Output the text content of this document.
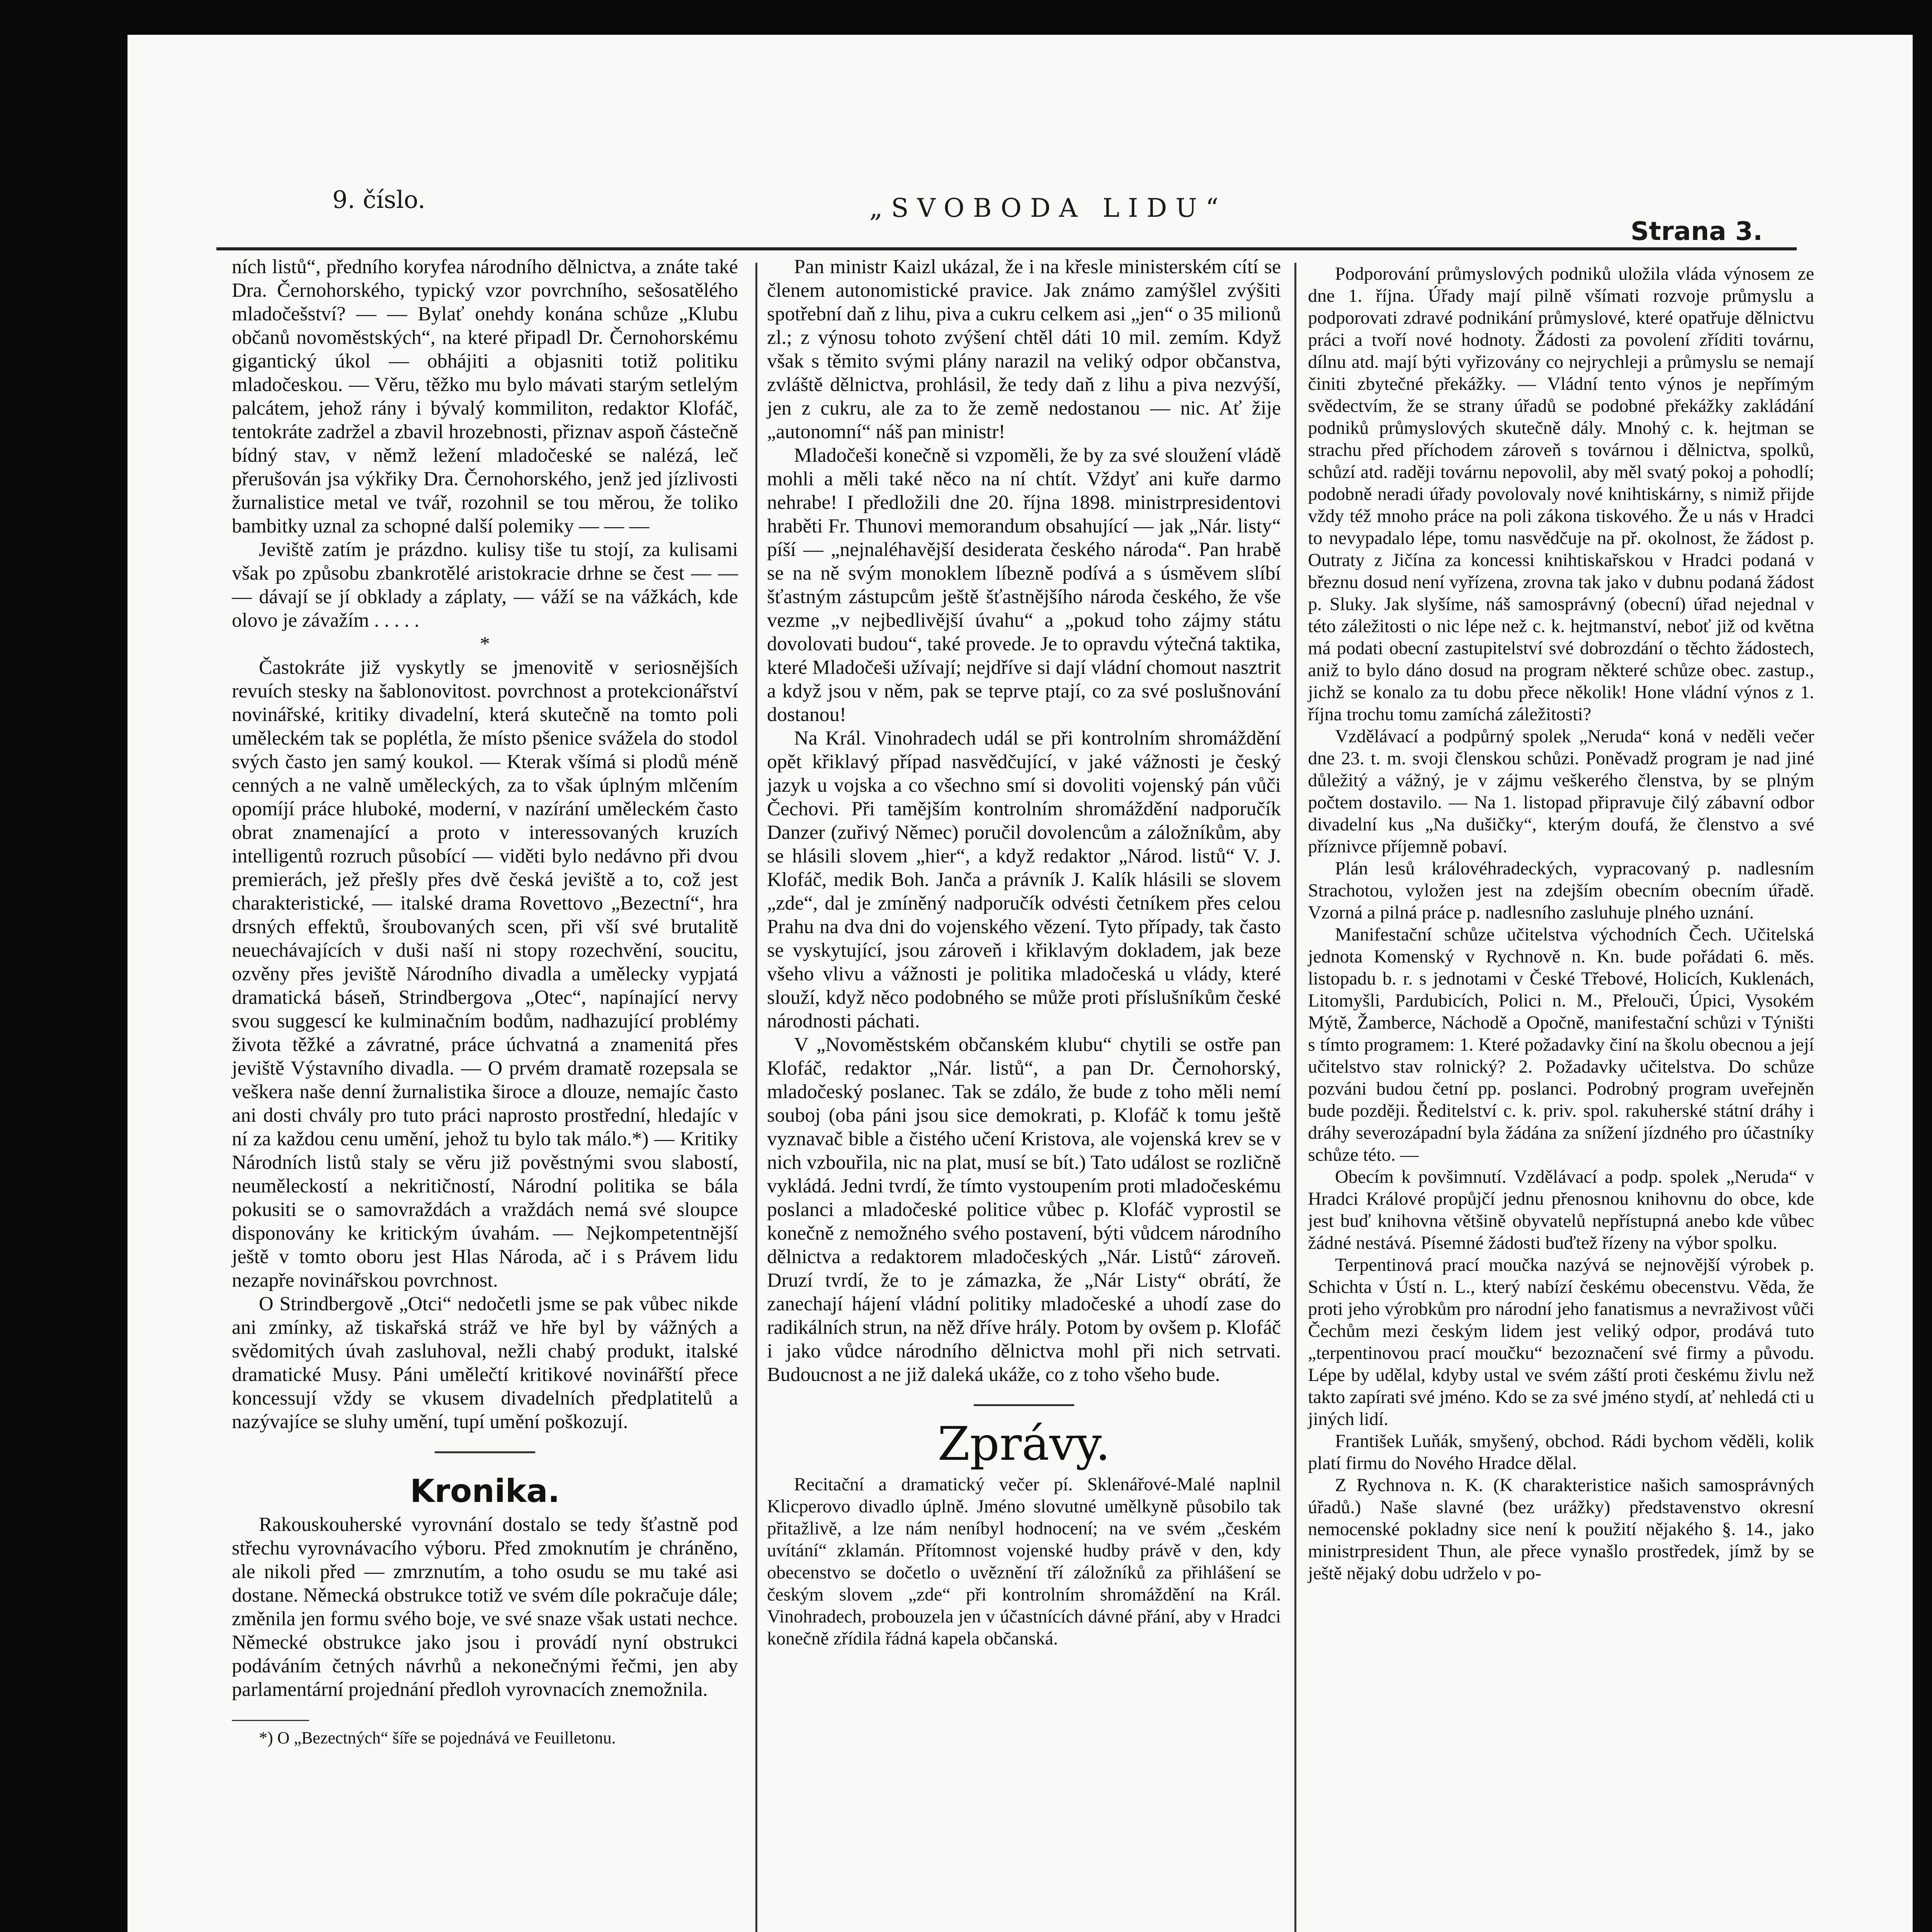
9. číslo.	„SVOBODA LIDU“
Strana 3.

ních listů“, předního koryfea národního dělnictva, a znáte také Dra. Černohorského, typický vzor povrchního, sešosatělého mladočešství? — — Bylať onehdy konána schůze „Klubu občanů novoměstských“, na které připadl Dr. Černohorskému gigantický úkol — obhájiti a objasniti totiž politiku mladočeskou. — Věru, těžko mu bylo mávati starým setlelým palcátem, jehož rány i bývalý kommiliton, redaktor Klofáč, tentokráte zadržel a zbavil hrozebnosti, přiznav aspoň částečně bídný stav, v němž ležení mladočeské se nalézá, leč přerušován jsa výkřiky Dra. Černohorského, jenž jed jízlivosti žurnalistice metal ve tvář, rozohnil se tou měrou, že toliko bambitky uznal za schopné další polemiky — — —

Jeviště zatím je prázdno. kulisy tiše tu stojí, za kulisami však po způsobu zbankrotělé aristokracie drhne se čest — — — dávají se jí obklady a záplaty, — váží se na vážkách, kde olovo je závažím . . . . .

*

Častokráte již vyskytly se jmenovitě v seriosnějších revuích stesky na šablonovitost. povrchnost a protekcionářství novinářské, kritiky divadelní, která skutečně na tomto poli uměleckém tak se poplétla, že místo pšenice svážela do stodol svých často jen samý koukol. — Kterak všímá si plodů méně cenných a ne valně uměleckých, za to však úplným mlčením opomíjí práce hluboké, moderní, v nazírání uměleckém často obrat znamenající a proto v interessovaných kruzích intelligentů rozruch působící — viděti bylo nedávno při dvou premierách, jež přešly přes dvě česká jeviště a to, což jest charakteristické, — italské drama Rovettovo „Bezectní“, hra drsných effektů, šroubovaných scen, při vší své brutalitě neuechávajících v duši naší ni stopy rozechvění, soucitu, ozvěny přes jeviště Národního divadla a umělecky vypjatá dramatická báseň, Strindbergova „Otec“, napínající nervy svou suggescí ke kulminačním bodům, nadhazující problémy života těžké a závratné, práce úchvatná a znamenitá přes jeviště Výstavního divadla. — O prvém dramatě rozepsala se veškera naše denní žurnalistika široce a dlouze, nemajíc často ani dosti chvály pro tuto práci naprosto prostřední, hledajíc v ní za každou cenu umění, jehož tu bylo tak málo.*) — Kritiky Národních listů staly se věru již pověstnými svou slabostí, neuměleckostí a nekritičností, Národní politika se bála pokusiti se o samovraždách a vraždách nemá své sloupce disponovány ke kritickým úvahám. — Nejkompetentnější ještě v tomto oboru jest Hlas Národa, ač i s Právem lidu nezapře novinářskou povrchnost.

O Strindbergově „Otci“ nedočetli jsme se pak vůbec nikde ani zmínky, až tiskařská stráž ve hře byl by vážných a svědomitých úvah zasluhoval, nežli chabý produkt, italské dramatické Musy. Páni umělečtí kritikové novinářští přece koncessují vždy se vkusem divadelních předplatitelů a nazývajíce se sluhy umění, tupí umění poškozují.

Kronika.

Rakouskouherské vyrovnání dostalo se tedy šťastně pod střechu vyrovnávacího výboru. Před zmoknutím je chráněno, ale nikoli před — zmrznutím, a toho osudu se mu také asi dostane. Německá obstrukce totiž ve svém díle pokračuje dále; změnila jen formu svého boje, ve své snaze však ustati nechce. Německé obstrukce jako jsou i provádí nyní obstrukci podáváním četných návrhů a nekonečnými řečmi, jen aby parlamentární projednání předloh vyrovnacích znemožnila.

*) O „Bezectných“ šíře se pojednává ve Feuilletonu.

Pan ministr Kaizl ukázal, že i na křesle ministerském cítí se členem autonomistické pravice. Jak známo zamýšlel zvýšiti spotřební daň z lihu, piva a cukru celkem asi „jen“ o 35 milionů zl.; z výnosu tohoto zvýšení chtěl dáti 10 mil. zemím. Když však s těmito svými plány narazil na veliký odpor občanstva, zvláště dělnictva, prohlásil, že tedy daň z lihu a piva nezvýší, jen z cukru, ale za to že země nedostanou — nic. Ať žije „autonomní“ náš pan ministr!

Mladočeši konečně si vzpoměli, že by za své sloužení vládě mohli a měli také něco na ní chtít. Vždyť ani kuře darmo nehrabe! I předložili dne 20. října 1898. ministrpresidentovi hraběti Fr. Thunovi memorandum obsahující — jak „Nár. listy“ píší — „nejnaléhavější desiderata českého národa“. Pan hrabě se na ně svým monoklem líbezně podívá a s úsměvem slíbí šťastným zástupcům ještě šťastnějšího národa českého, že vše vezme „v nejbedlivější úvahu“ a „pokud toho zájmy státu dovolovati budou“, také provede. Je to opravdu výtečná taktika, které Mladočeši užívají; nejdříve si dají vládní chomout nasztrit a když jsou v něm, pak se teprve ptají, co za své poslušnování dostanou!

Na Král. Vinohradech udál se při kontrolním shromáždění opět křiklavý případ nasvědčující, v jaké vážnosti je český jazyk u vojska a co všechno smí si dovoliti vojenský pán vůči Čechovi. Při tamějším kontrolním shromáždění nadporučík Danzer (zuřivý Němec) poručil dovolencům a záložníkům, aby se hlásili slovem „hier“, a když redaktor „Národ. listů“ V. J. Klofáč, medik Boh. Janča a právník J. Kalík hlásili se slovem „zde“, dal je zmíněný nadporučík odvésti četníkem přes celou Prahu na dva dni do vojenského vězení. Tyto případy, tak často se vyskytující, jsou zároveň i křiklavým dokladem, jak beze všeho vlivu a vážnosti je politika mladočeská u vlády, které slouží, když něco podobného se může proti příslušníkům české národnosti páchati.

V „Novoměstském občanském klubu“ chytili se ostře pan Klofáč, redaktor „Nár. listů“, a pan Dr. Černohorský, mladočeský poslanec. Tak se zdálo, že bude z toho měli nemí souboj (oba páni jsou sice demokrati, p. Klofáč k tomu ještě vyznavač bible a čistého učení Kristova, ale vojenská krev se v nich vzbouřila, nic na plat, musí se bít.) Tato událost se rozličně vykládá. Jedni tvrdí, že tímto vystoupením proti mladočeskému poslanci a mladočeské politice vůbec p. Klofáč vyprostil se konečně z nemožného svého postavení, býti vůdcem národního dělnictva a redaktorem mladočeských „Nár. Listů“ zároveň. Druzí tvrdí, že to je zámazka, že „Nár Listy“ obrátí, že zanechají hájení vládní politiky mladočeské a uhodí zase do radikálních strun, na něž dříve hrály. Potom by ovšem p. Klofáč i jako vůdce národního dělnictva mohl při nich setrvati. Budoucnost a ne již daleká ukáže, co z toho všeho bude.

Zprávy.

Recitační a dramatický večer pí. Sklenářové-Malé naplnil Klicperovo divadlo úplně. Jméno slovutné umělkyně působilo tak přitažlivě, a lze nám neníbyl hodnocení; na ve svém „českém uvítání“ zklamán. Přítomnost vojenské hudby právě v den, kdy obecenstvo se dočetlo o uvěznění tří záložníků za přihlášení se českým slovem „zde“ při kontrolním shromáždění na Král. Vinohradech, probouzela jen v účastnících dávné přání, aby v Hradci konečně zřídila řádná kapela občanská.

Podporování průmyslových podniků uložila vláda výnosem ze dne 1. října. Úřady mají pilně všímati rozvoje průmyslu a podporovati zdravé podnikání průmyslové, které opatřuje dělnictvu práci a tvoří nové hodnoty. Žádosti za povolení zříditi továrnu, dílnu atd. mají býti vyřizovány co nejrychleji a průmyslu se nemají činiti zbytečné překážky. — Vládní tento výnos je nepřímým svědectvím, že se strany úřadů se podobné překážky zakládání podniků průmyslových skutečně dály. Mnohý c. k. hejtman se strachu před příchodem zároveň s továrnou i dělnictva, spolků, schůzí atd. raději továrnu nepovolil, aby měl svatý pokoj a pohodlí; podobně neradi úřady povolovaly nové knihtiskárny, s nimiž přijde vždy též mnoho práce na poli zákona tiskového. Že u nás v Hradci to nevypadalo lépe, tomu nasvědčuje na př. okolnost, že žádost p. Outraty z Jičína za koncessi knihtiskařskou v Hradci podaná v březnu dosud není vyřízena, zrovna tak jako v dubnu podaná žádost p. Sluky. Jak slyšíme, náš samosprávný (obecní) úřad nejednal v této záležitosti o nic lépe než c. k. hejtmanství, neboť již od května má podati obecní zastupitelství své dobrozdání o těchto žádostech, aniž to bylo dáno dosud na program některé schůze obec. zastup., jichž se konalo za tu dobu přece několik! Hone vládní výnos z 1. října trochu tomu zamíchá záležitosti?

Vzdělávací a podpůrný spolek „Neruda“ koná v neděli večer dne 23. t. m. svoji členskou schůzi. Poněvadž program je nad jiné důležitý a vážný, je v zájmu veškerého členstva, by se plným počtem dostavilo. — Na 1. listopad připravuje čilý zábavní odbor divadelní kus „Na dušičky“, kterým doufá, že členstvo a své příznivce příjemně pobaví.

Plán lesů královéhradeckých, vypracovaný p. nadlesním Strachotou, vyložen jest na zdejším obecním obecním úřadě. Vzorná a pilná práce p. nadlesního zasluhuje plného uznání.

Manifestační schůze učitelstva východních Čech. Učitelská jednota Komenský v Rychnově n. Kn. bude pořádati 6. měs. listopadu b. r. s jednotami v České Třebové, Holicích, Kuklenách, Litomyšli, Pardubicích, Polici n. M., Přelouči, Úpici, Vysokém Mýtě, Žamberce, Náchodě a Opočně, manifestační schůzi v Týništi s tímto programem: 1. Které požadavky činí na školu obecnou a její učitelstvo stav rolnický? 2. Požadavky učitelstva. Do schůze pozváni budou četní pp. poslanci. Podrobný program uveřejněn bude později. Ředitelství c. k. priv. spol. rakuherské státní dráhy i dráhy severozápadní byla žádána za snížení jízdného pro účastníky schůze této. —

Obecím k povšimnutí. Vzdělávací a podp. spolek „Neruda“ v Hradci Králové propůjčí jednu přenosnou knihovnu do obce, kde jest buď knihovna většině obyvatelů nepřístupná anebo kde vůbec žádné nestává. Písemné žádosti buďtež řízeny na výbor spolku.

Terpentinová prací moučka nazývá se nejnovější výrobek p. Schichta v Ústí n. L., který nabízí českému obecenstvu. Věda, že proti jeho výrobkům pro národní jeho fanatismus a nevraživost vůči Čechům mezi českým lidem jest veliký odpor, prodává tuto „terpentinovou prací moučku“ bezoznačení své firmy a původu. Lépe by udělal, kdyby ustal ve svém záští proti českému živlu než takto zapírati své jméno. Kdo se za své jméno stydí, ať nehledá cti u jiných lidí.

František Luňák, smyšený, obchod. Rádi bychom věděli, kolik platí firmu do Nového Hradce dělal.

Z Rychnova n. K. (K charakteristice našich samosprávných úřadů.) Naše slavné (bez urážky) představenstvo okresní nemocenské pokladny sice není k použití nějakého §. 14., jako ministrpresident Thun, ale přece vynašlo prostředek, jímž by se ještě nějaký dobu udrželo v po-
